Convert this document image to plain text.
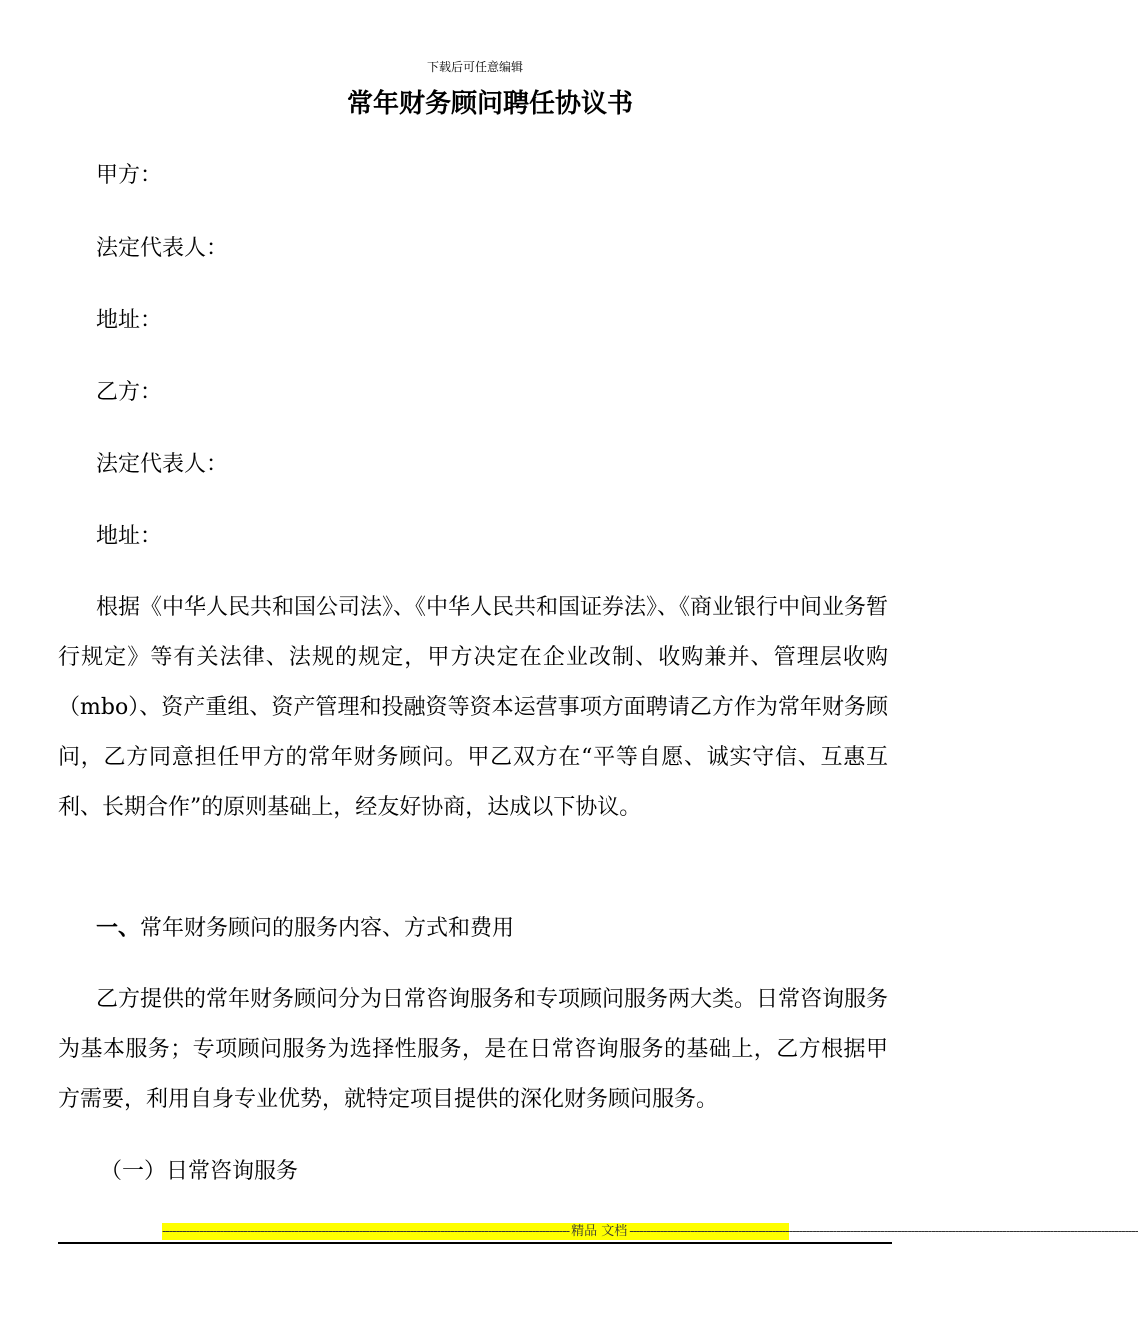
下载后可任意编辑
常年财务顾问聘任协议书
甲方：
法定代表人：
地址：
乙方：
法定代表人：
地址：

根据《中华人民共和国公司法》、《中华人民共和国证券法》、《商业银行中间业务暂行规定》等有关法律、法规的规定，甲方决定在企业改制、收购兼并、管理层收购（mbo）、资产重组、资产管理和投融资等资本运营事项方面聘请乙方作为常年财务顾问，乙方同意担任甲方的常年财务顾问。甲乙双方在“平等自愿、诚实守信、互惠互利、长期合作”的原则基础上，经友好协商，达成以下协议。

一、常年财务顾问的服务内容、方式和费用

乙方提供的常年财务顾问分为日常咨询服务和专项顾问服务两大类。日常咨询服务为基本服务；专项顾问服务为选择性服务，是在日常咨询服务的基础上，乙方根据甲方需要，利用自身专业优势，就特定项目提供的深化财务顾问服务。

（一）日常咨询服务
------------------------------------------------------------------------------------------------------------------------ 精品 文档 ------------------------------------------------------------------------------------------------------------------------------------------------------
